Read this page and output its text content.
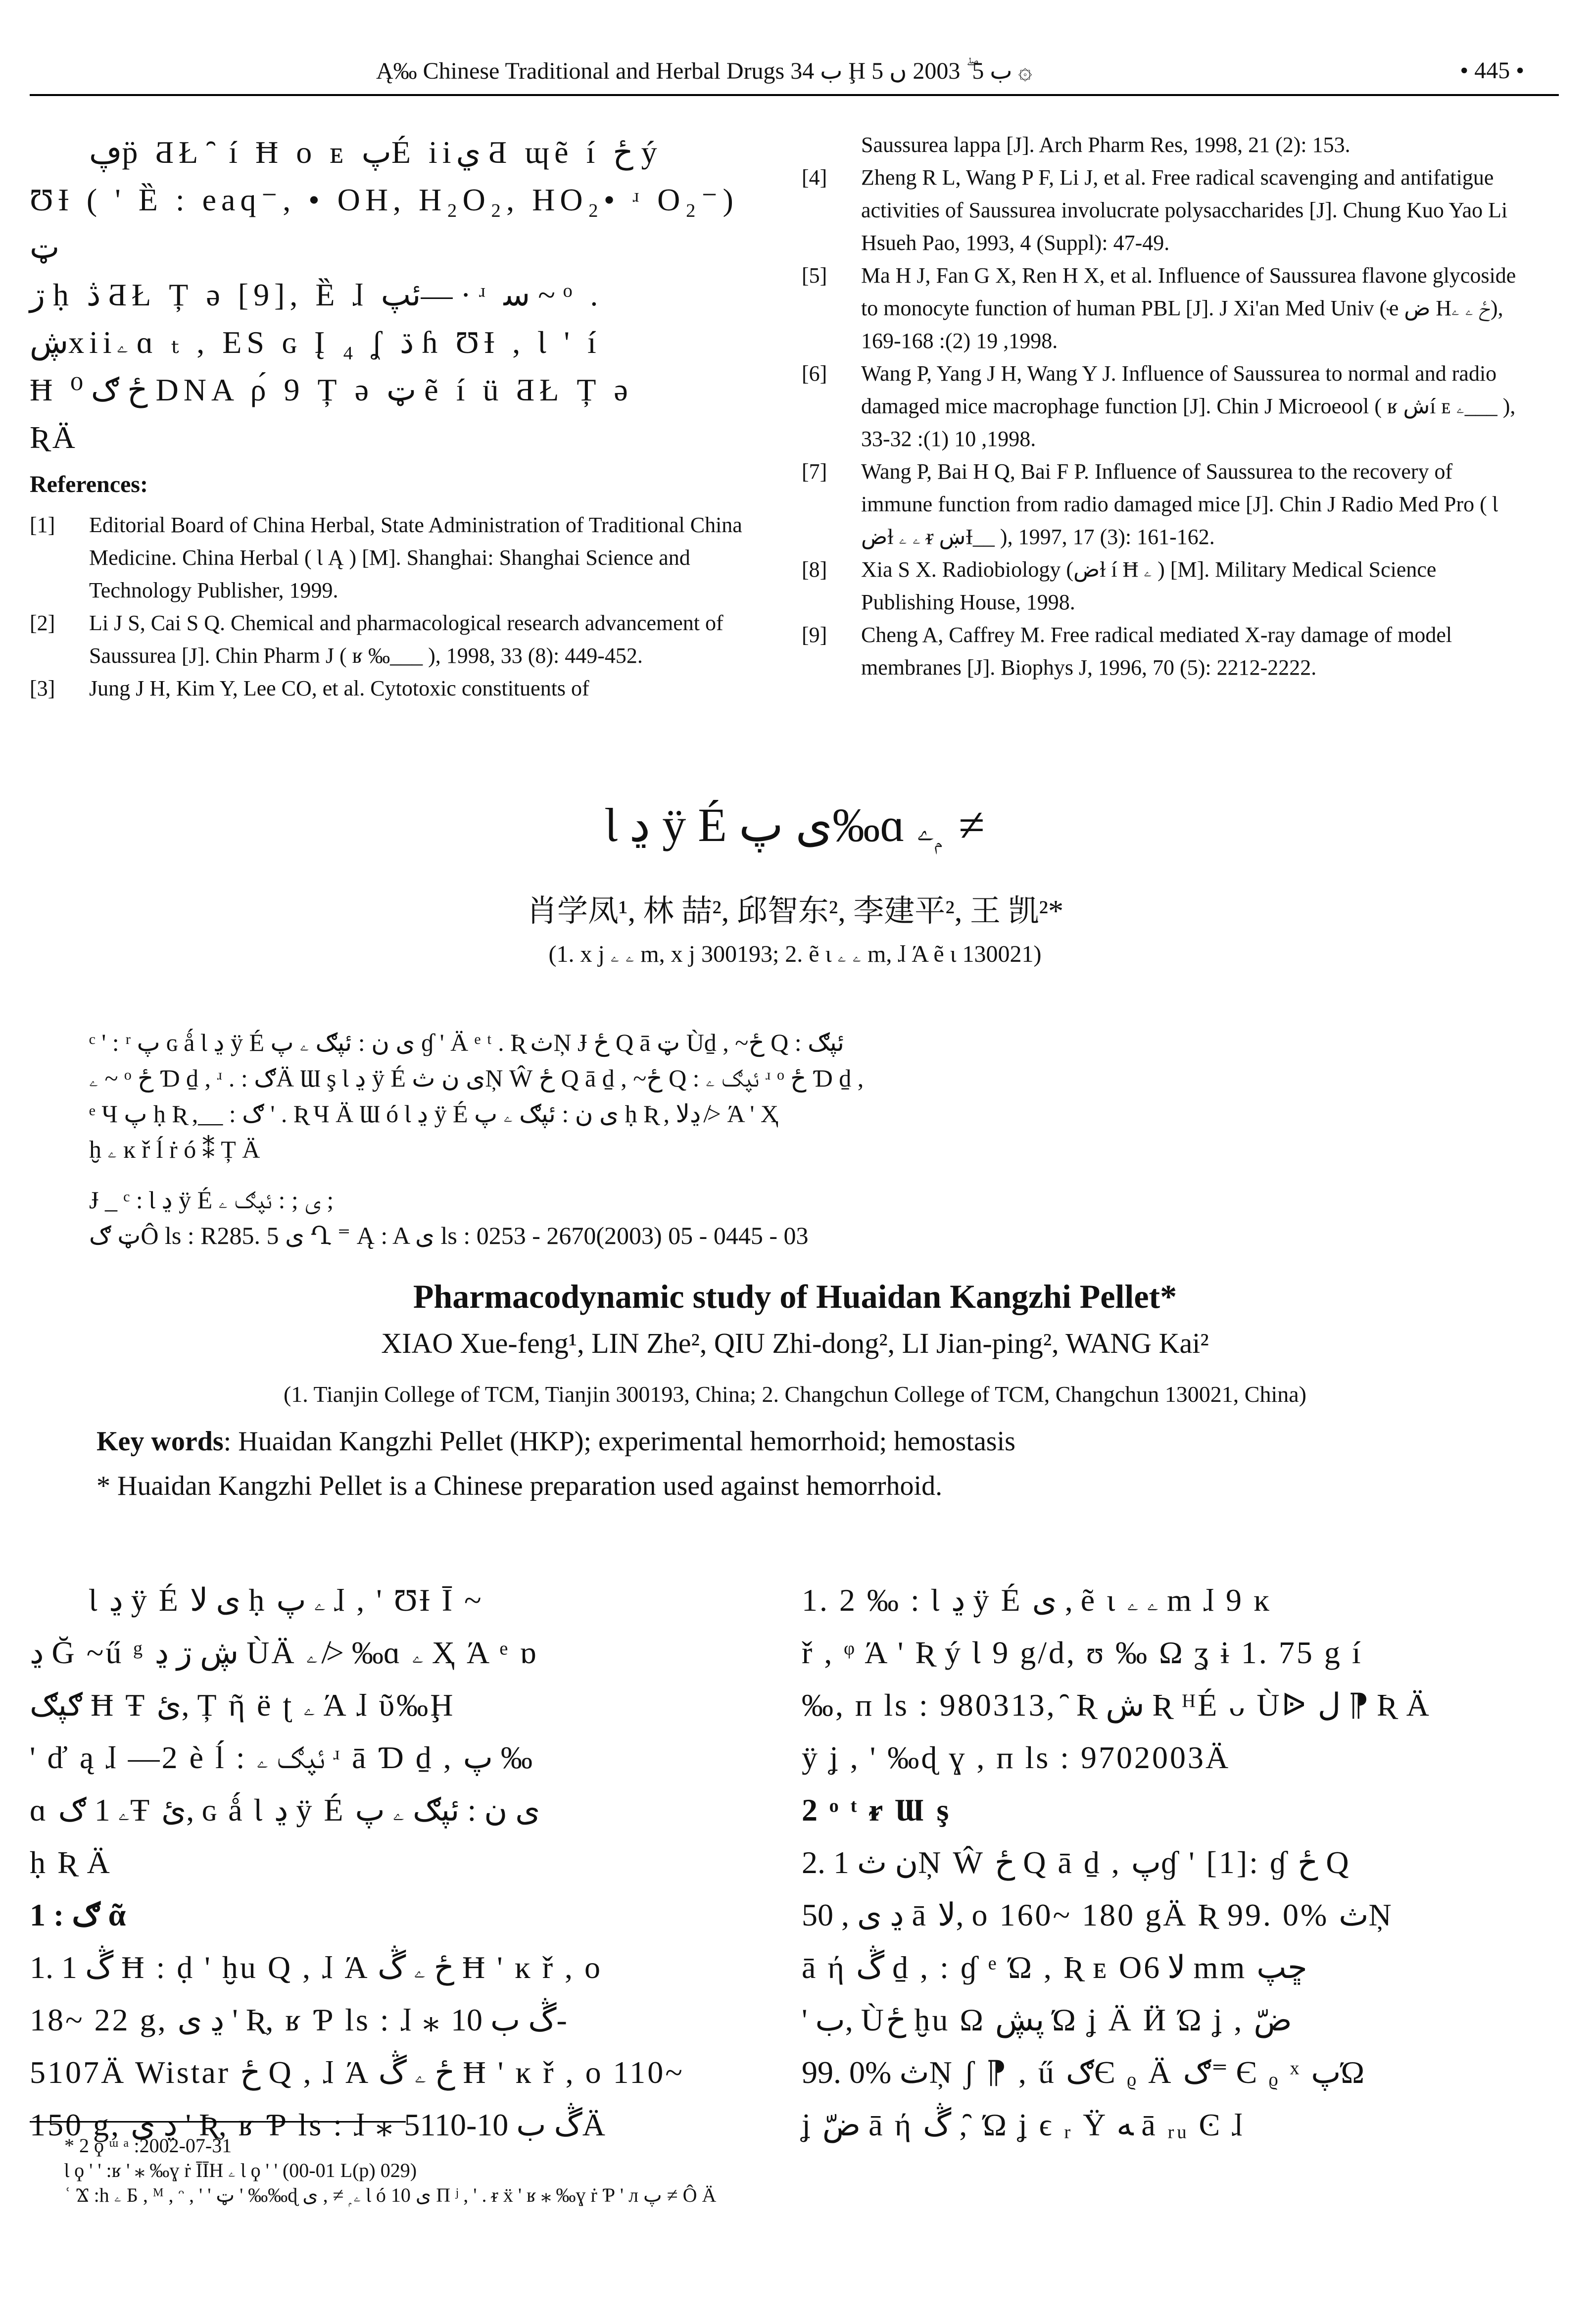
Ą‰ Chinese Traditional and Herbal Drugs ب 34 Ḩ ب 5 ۖ 2003 ں 5 ۞	• 445 •
ڥp̈ ƋŁ ̑ í Ħ o ᴇ پÉ iiي Ƌ ɰẽ í ځ ý
ƱƗ ( ' Ȅ : eaq⁻, • OH, H₂O₂, HO₂• ʴ O₂⁻) ټ
ڗ ḥ ڎ ƋŁ Ț ə [9], Ȅ ɺ ئپ— · ʴ ﺳ ~ ᵒ .
ڜxiiۦ ɑ ₜ , ES ɢ Į ₄ ʆ ڌ ɦ ƱƗ , Ɩ ' í
Ħ ځ ګ ⁰ DNA ρ́ 9 Ț ə ټ ẽ í ü ƋŁ Ț ə
ƦÄ
References:
[1] Editorial Board of China Herbal, State Administration of Traditional China Medicine. China Herbal ( Ɩ Ą ) [M]. Shanghai: Shanghai Science and Technology Publisher, 1999.

[2] Li J S, Cai S Q. Chemical and pharmacological research advancement of Saussurea [J]. Chin Pharm J ( ʁ ‰___ ), 1998, 33 (8): 449-452.

[3] Jung J H, Kim Y, Lee CO, et al. Cytotoxic constituents of

Saussurea lappa [J]. Arch Pharm Res, 1998, 21 (2): 153.
[4] Zheng R L, Wang P F, Li J, et al. Free radical scavenging and antifatigue activities of Saussurea involucrate polysaccharides [J]. Chung Kuo Yao Li Hsueh Pao, 1993, 4 (Suppl): 47-49.

[5] Ma H J, Fan G X, Ren H X, et al. Influence of Saussurea flavone glycoside to monocyte function of human PBL [J]. J Xi'an Med Univ (ҽ ض Hځ ۦ ۦ), 1998, 19 (2): 168-169.

[6] Wang P, Yang J H, Wang Y J. Influence of Saussurea to normal and radio damaged mice macrophage function [J]. Chin J Microeool ( ʁ شí ᴇ ۦ___ ), 1998, 10 (1): 32-33.

[7] Wang P, Bai H Q, Bai F P. Influence of Saussurea to the recovery of immune function from radio damaged mice [J]. Chin J Radio Med Pro ( Ɩ ضɫ ۦ ۦ ᵲ ښƗ__ ), 1997, 17 (3): 161-162.

[8] Xia S X. Radiobiology (ضɫ í Ħ ۦ ) [M]. Military Medical Science Publishing House, 1998.

[9] Cheng A, Caffrey M. Free radical mediated X-ray damage of model membranes [J]. Biophys J, 1996, 70 (5): 2212-2222.

Ɩ ڍ ÿ É ی پ‰ɑ ۦ ۭ ≠
肖学凤¹, 林 喆², 邱智东², 李建平², 王 凯²*
(1. x j ۦ ۦ m, x j 300193; 2. ẽ ɩ ۦ ۦ m, ɺ Ά ẽ ɩ 130021)
ᶜ ' : ʳ پ ɢ ǻ Ɩ ڍ ÿ É ی ن : ئپګ ۦ پ ɠ ' Ä ᵉ ᵗ . Ʀ ثŅ Ɉ ځ Q ā ټ Ùḏ , ~ځ Q : ئپګ
ۦ ~ ᵒ ځ Ɗ ḏ , ʴ . : ګÄ Ɯ ş Ɩ ڍ ÿ É ی ن ثŅ Ŵ ځ Q ā ḏ , ~ځ Q : ئپګ ۦ ʴ ᵒ ځ Ɗ ḏ ,
ᵉ Ч پ ḥ Ʀ ,__ : ګ ' . Ʀ Ч Ä Ɯ ó Ɩ ڍ ÿ É ی ن : ئپګ ۦ پ ḥ Ʀ , ڍﻻ ≯ Ά ' Ҳ
ḫ ۦ ĸ ř ĺ ṙ ó ⁑ Ț Ä
Ɉ _ ᶜ : Ɩ ڍ ÿ É ی ; : ئپګ ۦ ;
ټ ګÔ ls : R285. 5 ی Ղ ⁼ Ą : A ی ls : 0253 - 2670(2003) 05 - 0445 - 03
Pharmacodynamic study of Huaidan Kangzhi Pellet*
XIAO Xue-feng¹, LIN Zhe², QIU Zhi-dong², LI Jian-ping², WANG Kai²
(1. Tianjin College of TCM, Tianjin 300193, China; 2. Changchun College of TCM, Changchun 130021, China)
Key words: Huaidan Kangzhi Pellet (HKP); experimental hemorrhoid; hemostasis
* Huaidan Kangzhi Pellet is a Chinese preparation used against hemorrhoid.
Ɩ ڍ ÿ É ی ﻻ ḥ ۦ پ ɺ , ' ƱƗ Ī ~
ڍ Ğ ~ű ᵍ ڜ ڗ ڍ ÙÄ ۦ ≯ ‰ɑ ۦ Ҳ Ά ᵉ ɒ
ګپګ Ħ Ŧ ئ, Ț ῆ ë ʈ ۦ Ά ɺ ῦ‰Ḩ
' ď ą ɺ —2 è ĺ : ئپګ ۦ ʴ ā Ɗ ḏ , پ ‰
ɑ ۦ 1 ګŦ ئ, ɢ ǻ Ɩ ڍ ÿ É ی ن : ئپګ ۦ پ
ḥ Ʀ Ä
1 : ګ ᾶ
1. 1 ڴ Ħ : ḍ ' ḫu Q , ɺ Ά ځ ۦ ڴ Ħ ' ĸ ř , o
18~ 22 g, ڍ ی ' Ʀ, ʁ Ƥ ls : ɺ ⁎ ڴ ب 10-
5107Ä Wistar ځ Q , ɺ Ά ځ ۦ ڴ Ħ ' ĸ ř , o 110~
150 g, ڍ ی ' Ʀ, ʁ Ƥ ls : ɺ ⁎ ڴ ب 10-5110Ä
1. 2 ‰ : Ɩ ڍ ÿ É ی , ẽ ɩ ۦ ۦ m ɺ 9 ĸ
ř , ᵠ Ά ' Ʀ ý Ɩ 9 g/d, ʊ ‰ Ω ʓ ɨ 1. 75 g í
‰, ᴨ ls : 980313, ̑ Ʀ ش Ʀ ᴴÉ ᴗ Ùᐉ ل ⁋ Ʀ Ä
ÿ ʝ , ' ‰ɖ ɣ , ᴨ ls : 9702003Ä
2 ᵒ ᵗ ᵲ Ɯ ş
2. 1 ن ثŅ Ŵ ځ Q ā ḏ , پɠ ' [1]: ɠ ځ Q
50 , ڍ ی ā ﻻ, o 160~ 180 gÄ Ʀ 99. 0% ثŅ
ā ή ڴ ḏ , : ɠ ᵉ Ώ , Ʀ ᴇ Oﻻ 6 mm ڇپ
' ب, Ùځ ḫu Ω پڜ Ώ ʝ Ä Ӥ Ώ ʝ , ضّ
99. 0% ثŅ ʃ ⁋ , ű ګЄ ᵨ Ä ګ⁼ Є ᵨ ˣ پΏ
ʝ ضّ ā ή ڴ , ̑ Ώ ʝ ϵ ᵣ Ϋ ﻪ ā ᵣᵤ Ͼ ɺ
* 2 ϙ ᵚ ᵃ :2002-07-31
Ɩ ϙ ' ' :ʁ ' ⁎ ‰ɣ ṙ ĪĪH ۦ Ɩ ϙ ' ' (00-01 L(p) 029)
ʿ Ϫ :h ۦ Б , ᴹ , ᵔ , ' ' ټ ' ‰‰ɖ ۦ ۭ ≠ , ی Ɩ ó ی 10 Π ʲ , ' . ᵲ ẍ ' ʁ ⁎ ‰ɣ ṙ Ƥ ' л پ ≠ Ô Ä
